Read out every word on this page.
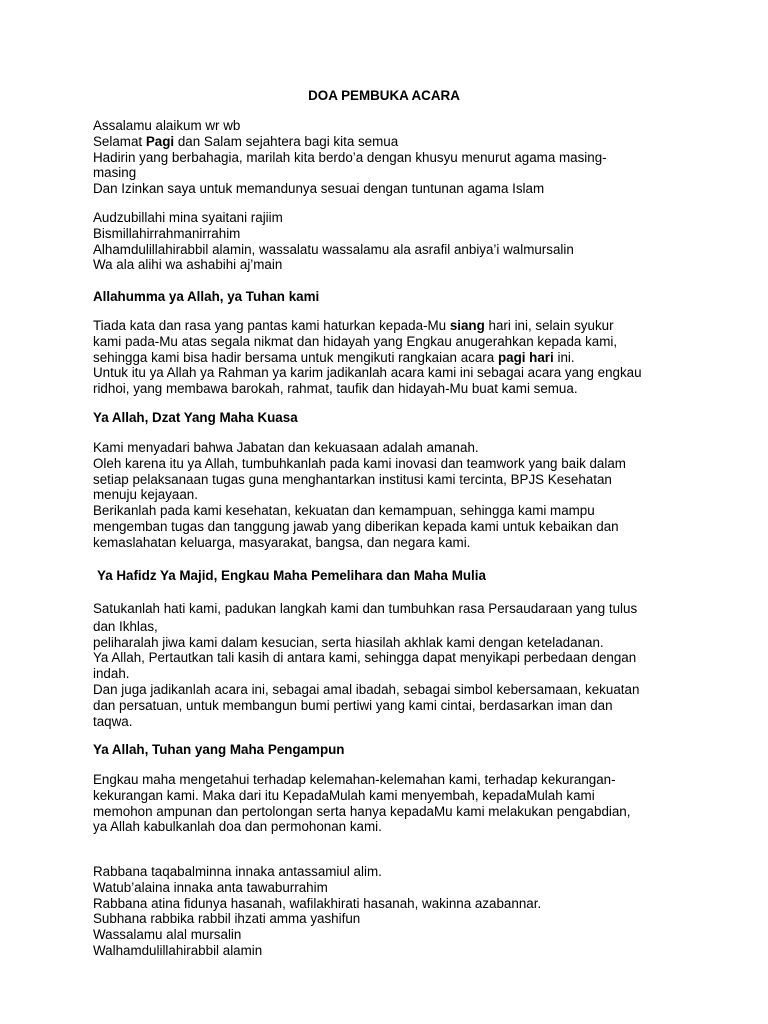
DOA PEMBUKA ACARA
Assalamu alaikum wr wb
Selamat Pagi dan Salam sejahtera bagi kita semua
Hadirin yang berbahagia, marilah kita berdo’a dengan khusyu menurut agama masing-
masing
Dan Izinkan saya untuk memandunya sesuai dengan tuntunan agama Islam
Audzubillahi mina syaitani rajiim
Bismillahirrahmanirrahim
Alhamdulillahirabbil alamin, wassalatu wassalamu ala asrafil anbiya’i walmursalin
Wa ala alihi wa ashabihi aj’main
Allahumma ya Allah, ya Tuhan kami
Tiada kata dan rasa yang pantas kami haturkan kepada-Mu siang hari ini, selain syukur
kami pada-Mu atas segala nikmat dan hidayah yang Engkau anugerahkan kepada kami,
sehingga kami bisa hadir bersama untuk mengikuti rangkaian acara pagi hari ini.
Untuk itu ya Allah ya Rahman ya karim jadikanlah acara kami ini sebagai acara yang engkau
ridhoi, yang membawa barokah, rahmat, taufik dan hidayah-Mu buat kami semua.
Ya Allah, Dzat Yang Maha Kuasa
Kami menyadari bahwa Jabatan dan kekuasaan adalah amanah.
Oleh karena itu ya Allah, tumbuhkanlah pada kami inovasi dan teamwork yang baik dalam
setiap pelaksanaan tugas guna menghantarkan institusi kami tercinta, BPJS Kesehatan
menuju kejayaan.
Berikanlah pada kami kesehatan, kekuatan dan kemampuan, sehingga kami mampu
mengemban tugas dan tanggung jawab yang diberikan kepada kami untuk kebaikan dan
kemaslahatan keluarga, masyarakat, bangsa, dan negara kami.
Ya Hafidz Ya Majid, Engkau Maha Pemelihara dan Maha Mulia
Satukanlah hati kami, padukan langkah kami dan tumbuhkan rasa Persaudaraan yang tulus
dan Ikhlas,
peliharalah jiwa kami dalam kesucian, serta hiasilah akhlak kami dengan keteladanan.
Ya Allah, Pertautkan tali kasih di antara kami, sehingga dapat menyikapi perbedaan dengan
indah.
Dan juga jadikanlah acara ini, sebagai amal ibadah, sebagai simbol kebersamaan, kekuatan
dan persatuan, untuk membangun bumi pertiwi yang kami cintai, berdasarkan iman dan
taqwa.
Ya Allah, Tuhan yang Maha Pengampun
Engkau maha mengetahui terhadap kelemahan-kelemahan kami, terhadap kekurangan-
kekurangan kami. Maka dari itu KepadaMulah kami menyembah, kepadaMulah kami
memohon ampunan dan pertolongan serta hanya kepadaMu kami melakukan pengabdian,
ya Allah kabulkanlah doa dan permohonan kami.
Rabbana taqabalminna innaka antassamiul alim.
Watub’alaina innaka anta tawaburrahim
Rabbana atina fidunya hasanah, wafilakhirati hasanah, wakinna azabannar.
Subhana rabbika rabbil ihzati amma yashifun
Wassalamu alal mursalin
Walhamdulillahirabbil alamin
